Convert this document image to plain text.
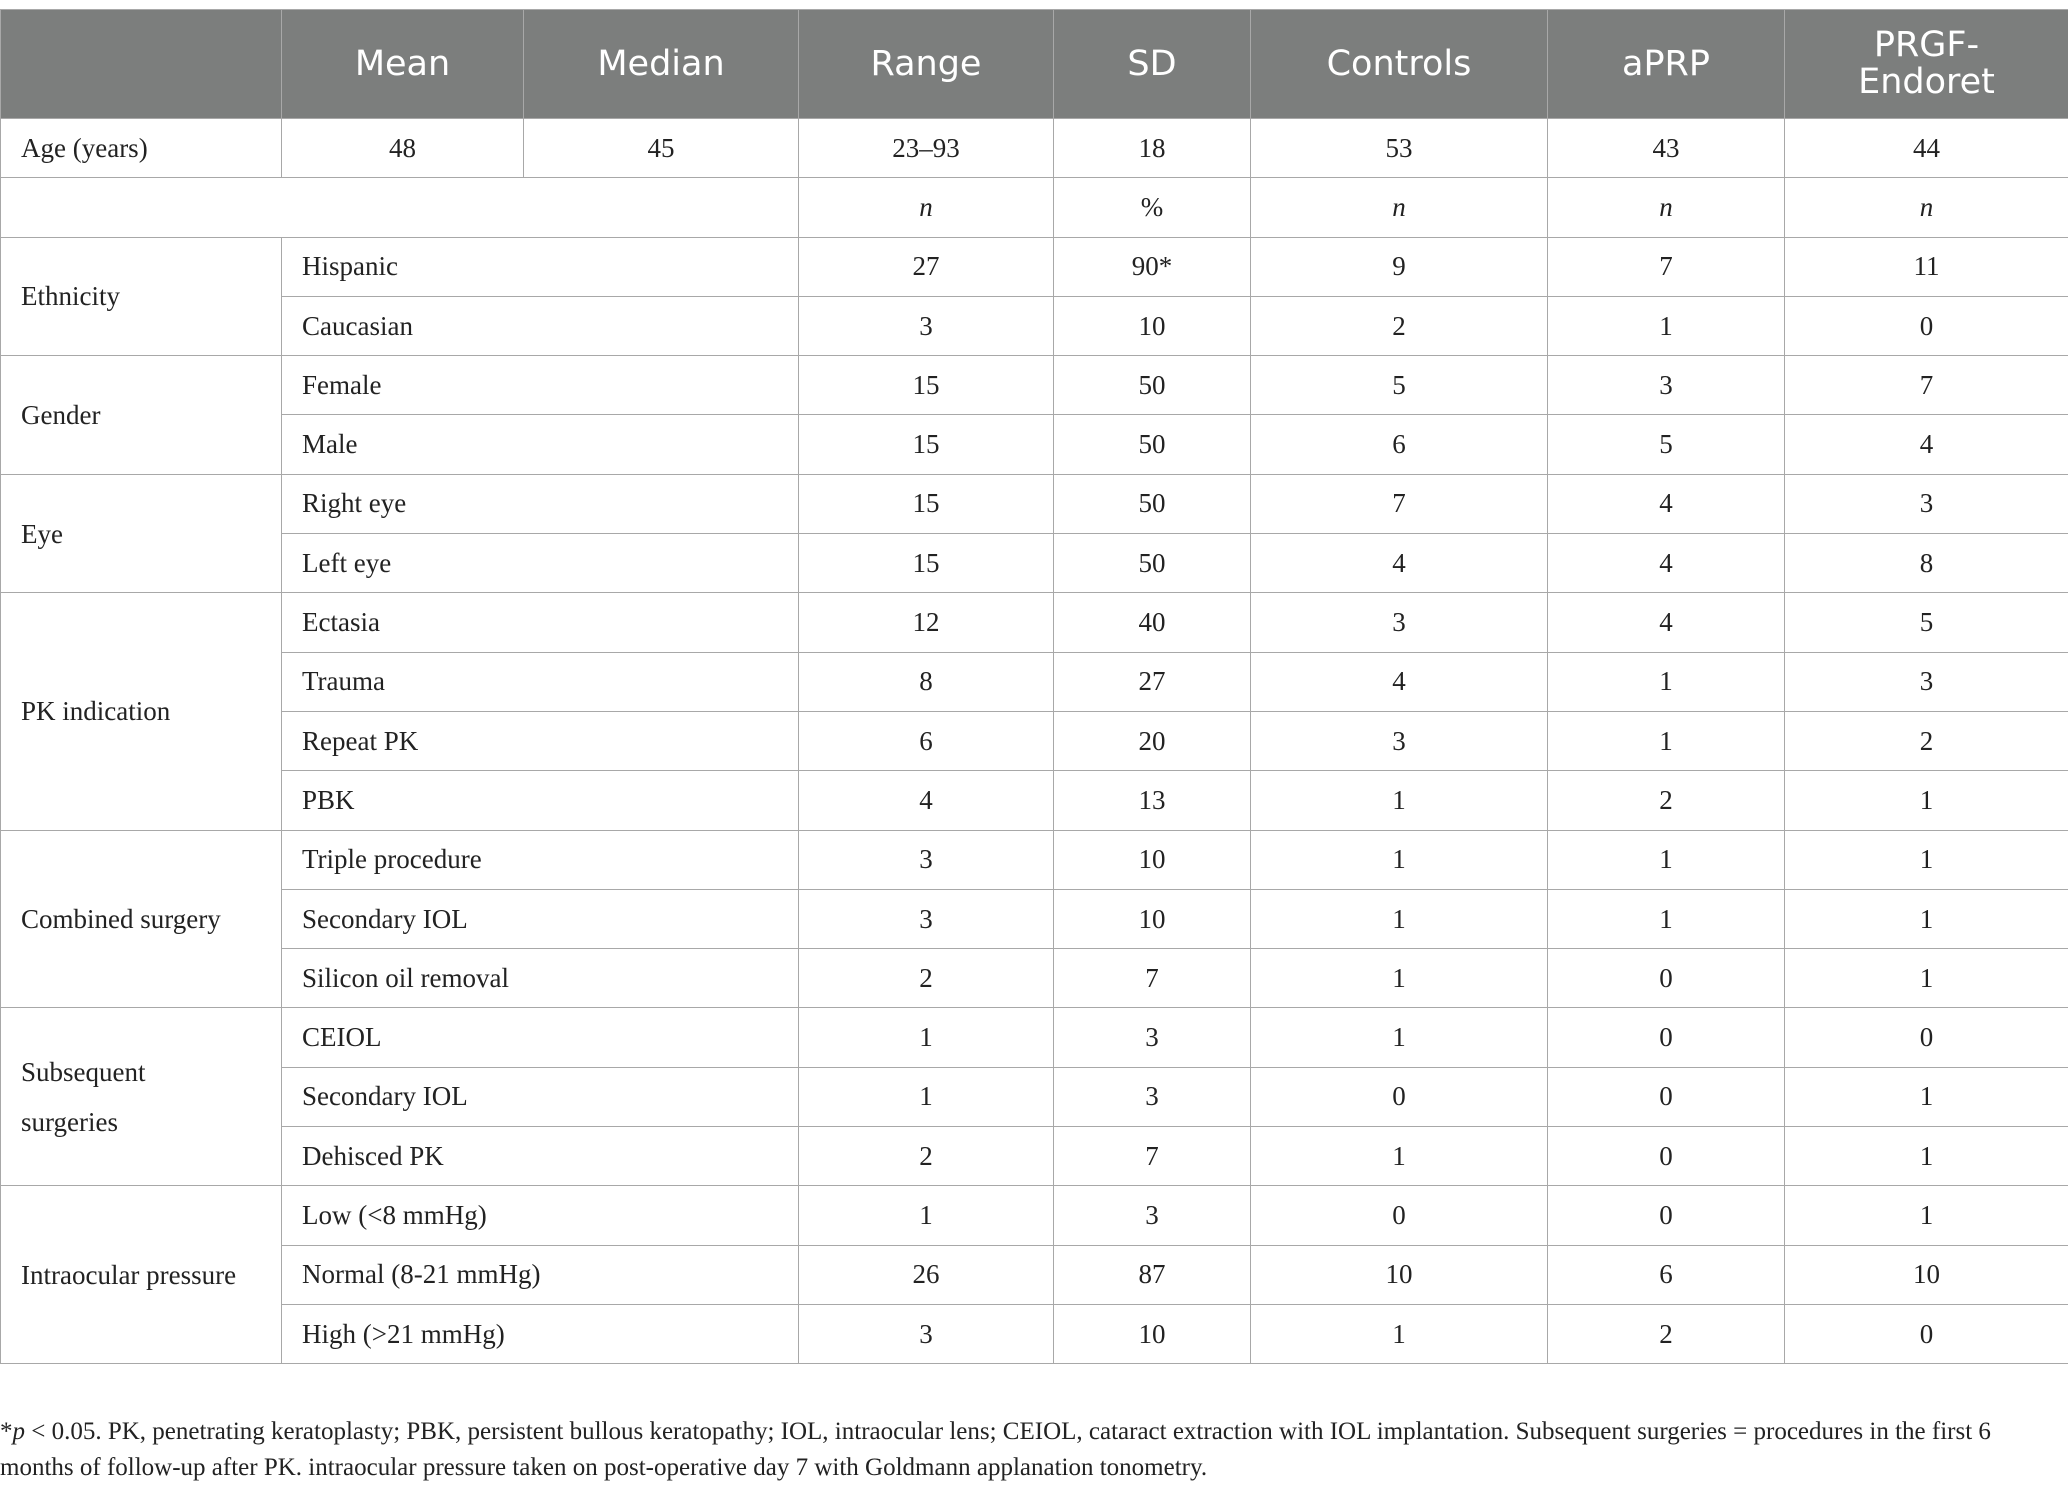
	Mean	Median	Range	SD	Controls	aPRP	PRGF-
Endoret
Age (years)	48	45	23–93	18	53	43	44
			n	%	n	n	n
Ethnicity	Hispanic		27	90*	9	7	11
	Caucasian		3	10	2	1	0
Gender	Female		15	50	5	3	7
	Male		15	50	6	5	4
Eye	Right eye		15	50	7	4	3
	Left eye		15	50	4	4	8
PK indication	Ectasia		12	40	3	4	5
	Trauma		8	27	4	1	3
	Repeat PK		6	20	3	1	2
	PBK		4	13	1	2	1
Combined surgery	Triple procedure		3	10	1	1	1
	Secondary IOL		3	10	1	1	1
	Silicon oil removal		2	7	1	0	1
Subsequent surgeries	CEIOL		1	3	1	0	0
	Secondary IOL		1	3	0	0	1
	Dehisced PK		2	7	1	0	1
Intraocular pressure	Low (<8 mmHg)		1	3	0	0	1
	Normal (8-21 mmHg)		26	87	10	6	10
	High (>21 mmHg)		3	10	1	2	0
*p < 0.05. PK, penetrating keratoplasty; PBK, persistent bullous keratopathy; IOL, intraocular lens; CEIOL, cataract extraction with IOL implantation. Subsequent surgeries = procedures in the first 6 months of follow-up after PK. intraocular pressure taken on post-operative day 7 with Goldmann applanation tonometry.
